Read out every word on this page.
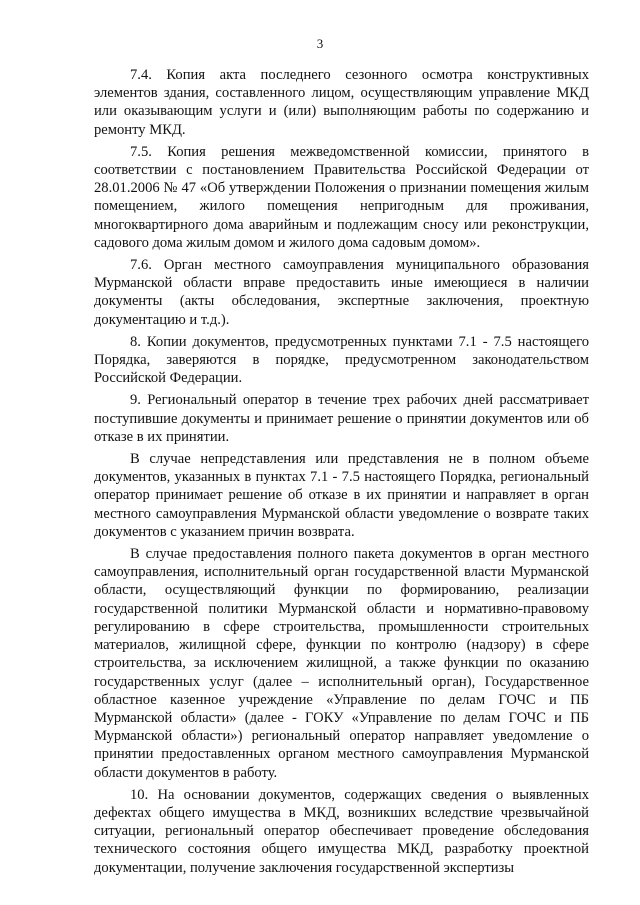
3

7.4. Копия акта последнего сезонного осмотра конструктивных элементов здания, составленного лицом, осуществляющим управление МКД или оказывающим услуги и (или) выполняющим работы по содержанию и ремонту МКД.

7.5. Копия решения межведомственной комиссии, принятого в соответствии с постановлением Правительства Российской Федерации от 28.01.2006 № 47 «Об утверждении Положения о признании помещения жилым помещением, жилого помещения непригодным для проживания, многоквартирного дома аварийным и подлежащим сносу или реконструкции, садового дома жилым домом и жилого дома садовым домом».

7.6. Орган местного самоуправления муниципального образования Мурманской области вправе предоставить иные имеющиеся в наличии документы (акты обследования, экспертные заключения, проектную документацию и т.д.).

8. Копии документов, предусмотренных пунктами 7.1 - 7.5 настоящего Порядка, заверяются в порядке, предусмотренном законодательством Российской Федерации.

9. Региональный оператор в течение трех рабочих дней рассматривает поступившие документы и принимает решение о принятии документов или об отказе в их принятии.

В случае непредставления или представления не в полном объеме документов, указанных в пунктах 7.1 - 7.5 настоящего Порядка, региональный оператор принимает решение об отказе в их принятии и направляет в орган местного самоуправления Мурманской области уведомление о возврате таких документов с указанием причин возврата.

В случае предоставления полного пакета документов в орган местного самоуправления, исполнительный орган государственной власти Мурманской области, осуществляющий функции по формированию, реализации государственной политики Мурманской области и нормативно-правовому регулированию в сфере строительства, промышленности строительных материалов, жилищной сфере, функции по контролю (надзору) в сфере строительства, за исключением жилищной, а также функции по оказанию государственных услуг (далее – исполнительный орган), Государственное областное казенное учреждение «Управление по делам ГОЧС и ПБ Мурманской области» (далее - ГОКУ «Управление по делам ГОЧС и ПБ Мурманской области») региональный оператор направляет уведомление о принятии предоставленных органом местного самоуправления Мурманской области документов в работу.

10. На основании документов, содержащих сведения о выявленных дефектах общего имущества в МКД, возникших вследствие чрезвычайной ситуации, региональный оператор обеспечивает проведение обследования технического состояния общего имущества МКД, разработку проектной документации, получение заключения государственной экспертизы
